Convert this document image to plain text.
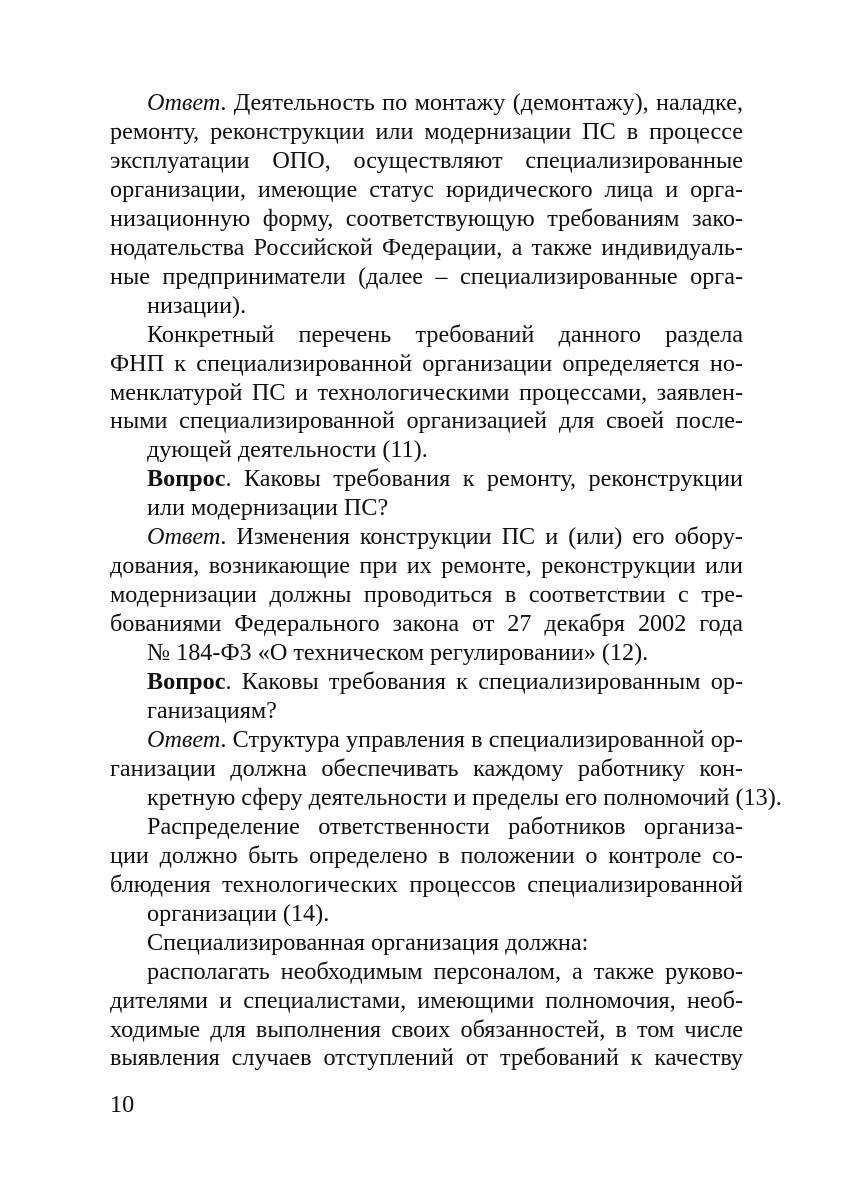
Ответ. Деятельность по монтажу (демонтажу), наладке,
ремонту, реконструкции или модернизации ПС в процессе
эксплуатации ОПО, осуществляют специализированные
организации, имеющие статус юридического лица и орга-
низационную форму, соответствующую требованиям зако-
нодательства Российской Федерации, а также индивидуаль-
ные предприниматели (далее – специализированные орга-
низации).
Конкретный перечень требований данного раздела
ФНП к специализированной организации определяется но-
менклатурой ПС и технологическими процессами, заявлен-
ными специализированной организацией для своей после-
дующей деятельности (11).
Вопрос. Каковы требования к ремонту, реконструкции
или модернизации ПС?
Ответ. Изменения конструкции ПС и (или) его обору-
дования, возникающие при их ремонте, реконструкции или
модернизации должны проводиться в соответствии с тре-
бованиями Федерального закона от 27 декабря 2002 года
№ 184-ФЗ «О техническом регулировании» (12).
Вопрос. Каковы требования к специализированным ор-
ганизациям?
Ответ. Структура управления в специализированной ор-
ганизации должна обеспечивать каждому работнику кон-
кретную сферу деятельности и пределы его полномочий (13).
Распределение ответственности работников организа-
ции должно быть определено в положении о контроле со-
блюдения технологических процессов специализированной
организации (14).
Специализированная организация должна:
располагать необходимым персоналом, а также руково-
дителями и специалистами, имеющими полномочия, необ-
ходимые для выполнения своих обязанностей, в том числе
выявления случаев отступлений от требований к качеству
10
